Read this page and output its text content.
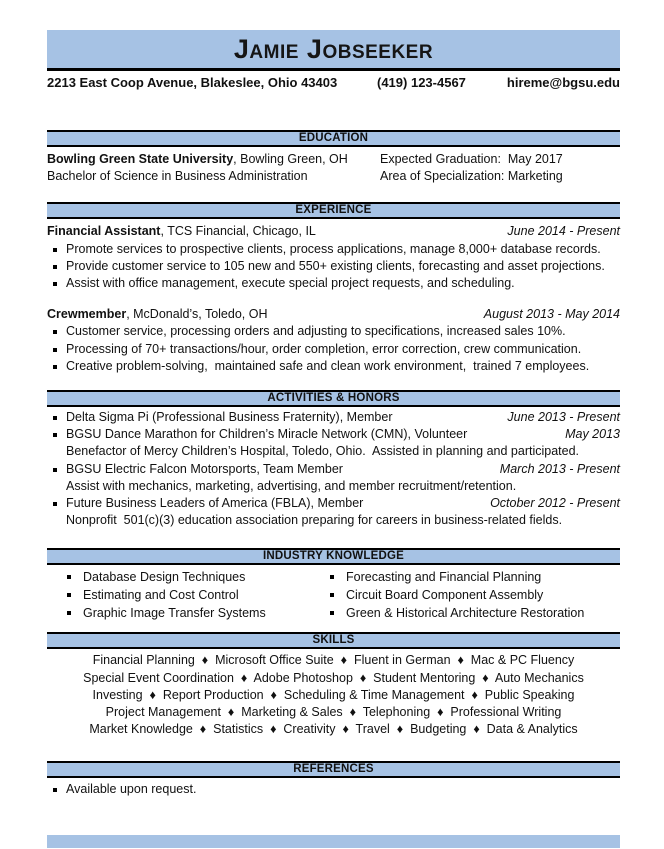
Jamie Jobseeker
2213 East Coop Avenue, Blakeslee, Ohio 43403	(419) 123-4567	hireme@bgsu.edu
EDUCATION
Bowling Green State University, Bowling Green, OH	Expected Graduation:  May 2017
Bachelor of Science in Business Administration	Area of Specialization: Marketing
EXPERIENCE
Financial Assistant, TCS Financial, Chicago, IL	June 2014 - Present
Promote services to prospective clients, process applications, manage 8,000+ database records.
Provide customer service to 105 new and 550+ existing clients, forecasting and asset projections.
Assist with office management, execute special project requests, and scheduling.
Crewmember, McDonald’s, Toledo, OH	August 2013 - May 2014
Customer service, processing orders and adjusting to specifications, increased sales 10%.
Processing of 70+ transactions/hour, order completion, error correction, crew communication.
Creative problem-solving,  maintained safe and clean work environment,  trained 7 employees.
ACTIVITIES & HONORS
Delta Sigma Pi (Professional Business Fraternity), Member	June 2013 - Present
BGSU Dance Marathon for Children’s Miracle Network (CMN), Volunteer	May 2013
Benefactor of Mercy Children’s Hospital, Toledo, Ohio.  Assisted in planning and participated.
BGSU Electric Falcon Motorsports, Team Member	March 2013 - Present
Assist with mechanics, marketing, advertising, and member recruitment/retention.
Future Business Leaders of America (FBLA), Member	October 2012 - Present
Nonprofit  501(c)(3) education association preparing for careers in business-related fields.
INDUSTRY KNOWLEDGE
Database Design Techniques	Forecasting and Financial Planning
Estimating and Cost Control	Circuit Board Component Assembly
Graphic Image Transfer Systems	Green & Historical Architecture Restoration
SKILLS
Financial Planning  ♦  Microsoft Office Suite  ♦  Fluent in German  ♦  Mac & PC Fluency
Special Event Coordination  ♦  Adobe Photoshop  ♦  Student Mentoring  ♦  Auto Mechanics
Investing  ♦  Report Production  ♦  Scheduling & Time Management  ♦  Public Speaking
Project Management  ♦  Marketing & Sales  ♦  Telephoning  ♦  Professional Writing
Market Knowledge  ♦  Statistics  ♦  Creativity  ♦  Travel  ♦  Budgeting  ♦  Data & Analytics
REFERENCES
Available upon request.
